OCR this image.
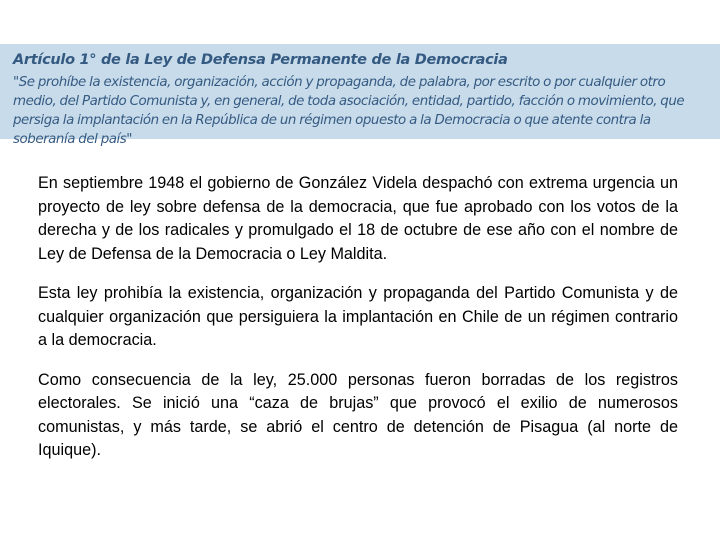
Artículo 1° de la Ley de Defensa Permanente de la Democracia
"Se prohíbe la existencia, organización, acción y propaganda, de palabra, por escrito o por cualquier otro medio, del Partido Comunista y, en general, de toda asociación, entidad, partido, facción o movimiento, que persiga la implantación en la República de un régimen opuesto a la Democracia o que atente contra la soberanía del país"

En septiembre 1948 el gobierno de González Videla despachó con extrema urgencia un proyecto de ley sobre defensa de la democracia, que fue aprobado con los votos de la derecha y de los radicales y promulgado el 18 de octubre de ese año con el nombre de Ley de Defensa de la Democracia o Ley Maldita.

Esta ley prohibía la existencia, organización y propaganda del Partido Comunista y de cualquier organización que persiguiera la implantación en Chile de un régimen contrario a la democracia.

Como consecuencia de la ley, 25.000 personas fueron borradas de los registros electorales. Se inició una “caza de brujas” que provocó el exilio de numerosos comunistas, y más tarde, se abrió el centro de detención de Pisagua (al norte de Iquique).
